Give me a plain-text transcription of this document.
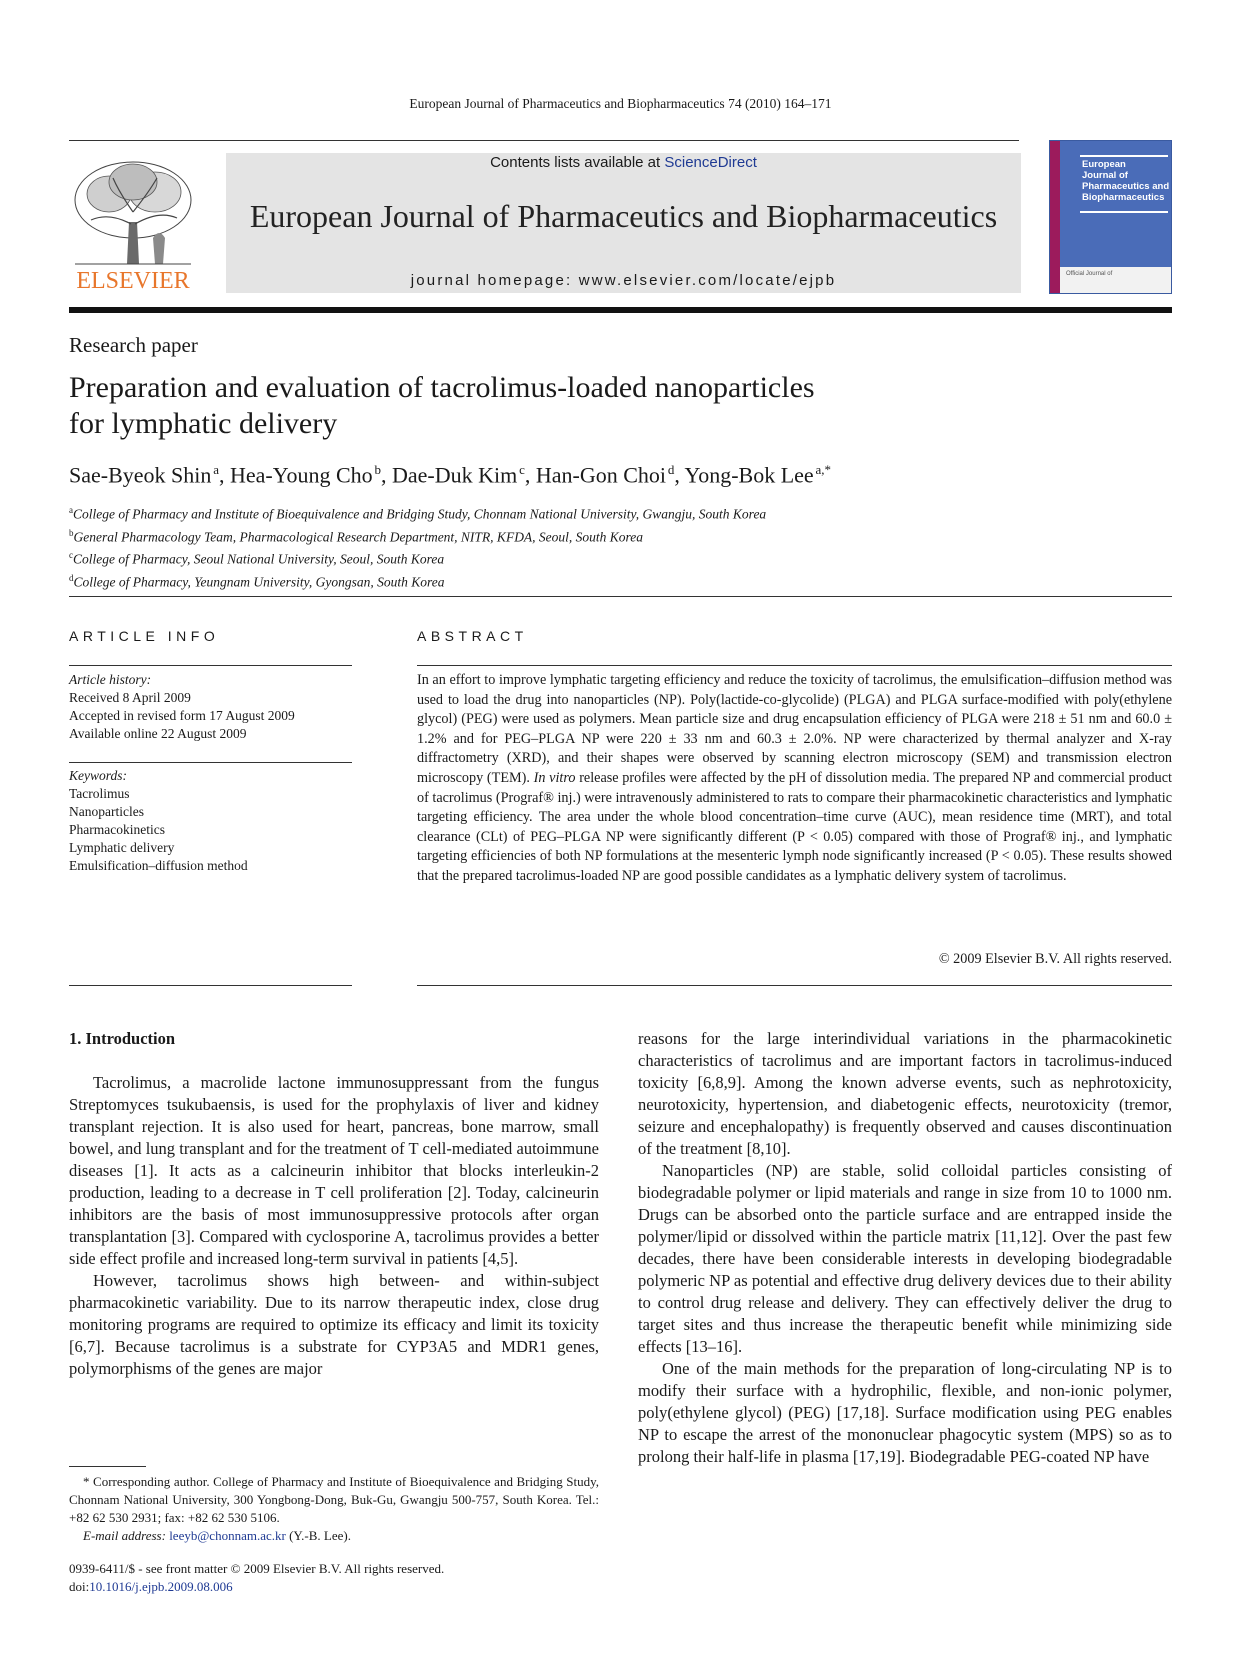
European Journal of Pharmaceutics and Biopharmaceutics 74 (2010) 164–171
ELSEVIER
Contents lists available at ScienceDirect
European Journal of Pharmaceutics and Biopharmaceutics
journal homepage: www.elsevier.com/locate/ejpb
European
Journal of
Pharmaceutics and
Biopharmaceutics
Official Journal of
Research paper
Preparation and evaluation of tacrolimus-loaded nanoparticles
for lymphatic delivery
Sae-Byeok Shin  $^a$, Hea-Young Cho  $^b$, Dae-Duk Kim  $^c$, Han-Gon Choi  $^d$, Yong-Bok Lee  $^{a,*}$
$^a$College of Pharmacy and Institute of Bioequivalence and Bridging Study, Chonnam National University, Gwangju, South Korea
$^b$General Pharmacology Team, Pharmacological Research Department, NITR, KFDA, Seoul, South Korea
$^c$College of Pharmacy, Seoul National University, Seoul, South Korea
$^d$College of Pharmacy, Yeungnam University, Gyongsan, South Korea
ARTICLE INFO
Article history:
Received 8 April 2009
Accepted in revised form 17 August 2009
Available online 22 August 2009
Keywords:
Tacrolimus
Nanoparticles
Pharmacokinetics
Lymphatic delivery
Emulsification–diffusion method
ABSTRACT
In an effort to improve lymphatic targeting efficiency and reduce the toxicity of tacrolimus, the emulsification–diffusion method was used to load the drug into nanoparticles (NP). Poly(lactide-co-glycolide) (PLGA) and PLGA surface-modified with poly(ethylene glycol) (PEG) were used as polymers. Mean particle size and drug encapsulation efficiency of PLGA were 218 ± 51 nm and 60.0 ± 1.2% and for PEG–PLGA NP were 220 ± 33 nm and 60.3 ± 2.0%. NP were characterized by thermal analyzer and X-ray diffractometry (XRD), and their shapes were observed by scanning electron microscopy (SEM) and transmission electron microscopy (TEM). In vitro release profiles were affected by the pH of dissolution media. The prepared NP and commercial product of tacrolimus (Prograf® inj.) were intravenously administered to rats to compare their pharmacokinetic characteristics and lymphatic targeting efficiency. The area under the whole blood concentration–time curve (AUC), mean residence time (MRT), and total clearance (CLt) of PEG–PLGA NP were significantly different (P < 0.05) compared with those of Prograf® inj., and lymphatic targeting efficiencies of both NP formulations at the mesenteric lymph node significantly increased (P < 0.05). These results showed that the prepared tacrolimus-loaded NP are good possible candidates as a lymphatic delivery system of tacrolimus.
© 2009 Elsevier B.V. All rights reserved.
1. Introduction

Tacrolimus, a macrolide lactone immunosuppressant from the fungus Streptomyces tsukubaensis, is used for the prophylaxis of liver and kidney transplant rejection. It is also used for heart, pancreas, bone marrow, small bowel, and lung transplant and for the treatment of T cell-mediated autoimmune diseases [1]. It acts as a calcineurin inhibitor that blocks interleukin-2 production, leading to a decrease in T cell proliferation [2]. Today, calcineurin inhibitors are the basis of most immunosuppressive protocols after organ transplantation [3]. Compared with cyclosporine A, tacrolimus provides a better side effect profile and increased long-term survival in patients [4,5].

However, tacrolimus shows high between- and within-subject pharmacokinetic variability. Due to its narrow therapeutic index, close drug monitoring programs are required to optimize its efficacy and limit its toxicity [6,7]. Because tacrolimus is a substrate for CYP3A5 and MDR1 genes, polymorphisms of the genes are major

reasons for the large interindividual variations in the pharmacokinetic characteristics of tacrolimus and are important factors in tacrolimus-induced toxicity [6,8,9]. Among the known adverse events, such as nephrotoxicity, neurotoxicity, hypertension, and diabetogenic effects, neurotoxicity (tremor, seizure and encephalopathy) is frequently observed and causes discontinuation of the treatment [8,10].

Nanoparticles (NP) are stable, solid colloidal particles consisting of biodegradable polymer or lipid materials and range in size from 10 to 1000 nm. Drugs can be absorbed onto the particle surface and are entrapped inside the polymer/lipid or dissolved within the particle matrix [11,12]. Over the past few decades, there have been considerable interests in developing biodegradable polymeric NP as potential and effective drug delivery devices due to their ability to control drug release and delivery. They can effectively deliver the drug to target sites and thus increase the therapeutic benefit while minimizing side effects [13–16].

One of the main methods for the preparation of long-circulating NP is to modify their surface with a hydrophilic, flexible, and non-ionic polymer, poly(ethylene glycol) (PEG) [17,18]. Surface modification using PEG enables NP to escape the arrest of the mononuclear phagocytic system (MPS) so as to prolong their half-life in plasma [17,19]. Biodegradable PEG-coated NP have

* Corresponding author. College of Pharmacy and Institute of Bioequivalence and Bridging Study, Chonnam National University, 300 Yongbong-Dong, Buk-Gu, Gwangju 500-757, South Korea. Tel.: +82 62 530 2931; fax: +82 62 530 5106.

E-mail address: leeyb@chonnam.ac.kr (Y.-B. Lee).

0939-6411/$ - see front matter © 2009 Elsevier B.V. All rights reserved.
doi:10.1016/j.ejpb.2009.08.006
